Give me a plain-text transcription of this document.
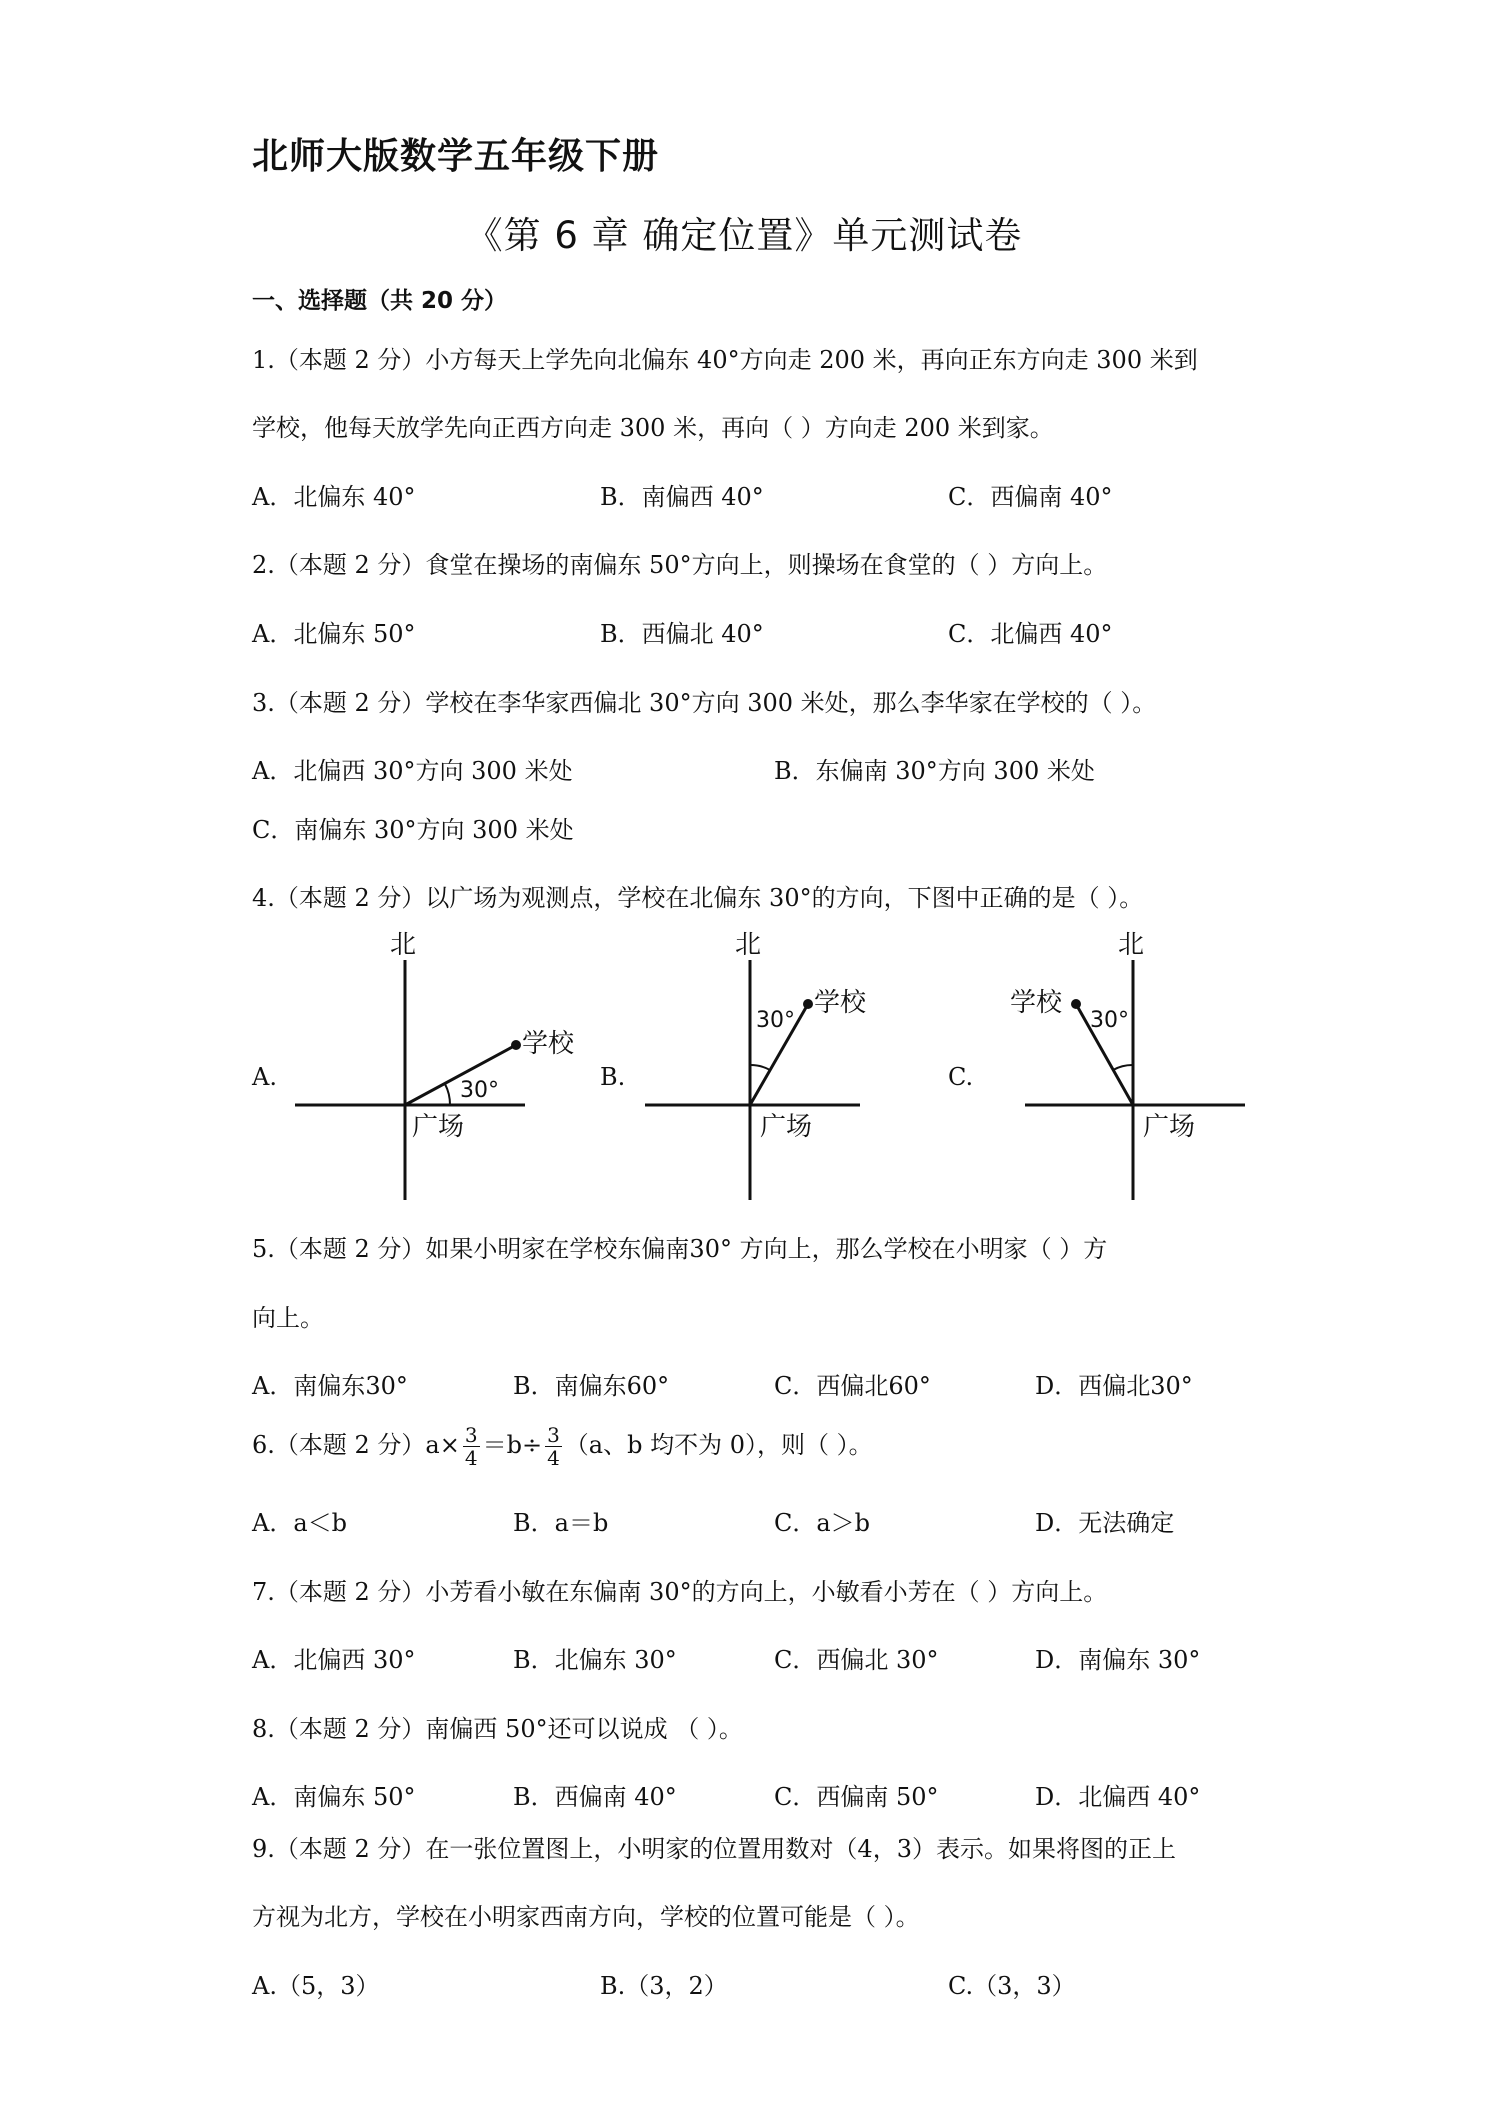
北师大版数学五年级下册
《第 6 章 确定位置》单元测试卷
一、选择题（共 20 分）
1.（本题 2 分）小方每天上学先向北偏东 40°方向走 200 米，再向正东方向走 300 米到
学校，他每天放学先向正西方向走 300 米，再向（ ）方向走 200 米到家。
A．北偏东 40°	B．南偏西 40°	C．西偏南 40°
2.（本题 2 分）食堂在操场的南偏东 50°方向上，则操场在食堂的（ ）方向上。
A．北偏东 50°	B．西偏北 40°	C．北偏西 40°
3.（本题 2 分）学校在李华家西偏北 30°方向 300 米处，那么李华家在学校的（ ）。
A．北偏西 30°方向 300 米处	B．东偏南 30°方向 300 米处
C．南偏东 30°方向 300 米处
4.（本题 2 分）以广场为观测点，学校在北偏东 30°的方向，下图中正确的是（ ）。
A.	B.	C.
北
学校
30°
广场
北
学校
30°
广场
北
学校
30°
广场
5.（本题 2 分）如果小明家在学校东偏南30° 方向上，那么学校在小明家（ ）方
向上。
A．南偏东30°	B．南偏东60°	C．西偏北60°	D．西偏北30°
6.（本题 2 分）$a\times \frac{3}{4} =b\div \frac{3}{4} (a$、b 均不为 0），则（ ）。
A．a＜b	B．a＝b	C．a＞b	D．无法确定
7.（本题 2 分）小芳看小敏在东偏南 30°的方向上，小敏看小芳在（ ）方向上。
A．北偏西 30°	B．北偏东 30°	C．西偏北 30°	D．南偏东 30°
8.（本题 2 分）南偏西 50°还可以说成 （ ）。
A．南偏东 50°	B．西偏南 40°	C．西偏南 50°	D．北偏西 40°
9.（本题 2 分）在一张位置图上，小明家的位置用数对（4，3）表示。如果将图的正上
方视为北方，学校在小明家西南方向，学校的位置可能是（ ）。
A.（5，3）	B.（3，2）	C.（3，3）
